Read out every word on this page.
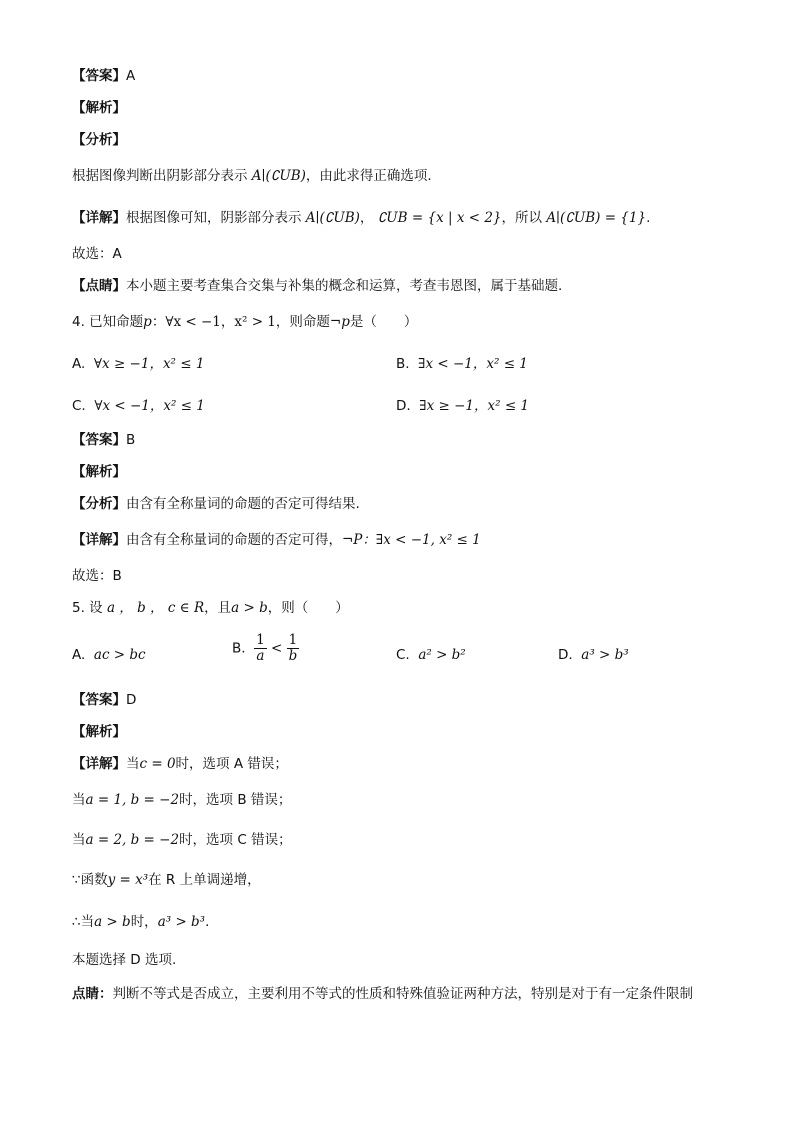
【答案】A
【解析】
【分析】
根据图像判断出阴影部分表示 A∣(∁UB)，由此求得正确选项.
【详解】根据图像可知，阴影部分表示 A∣(∁UB)， ∁UB = {x | x < 2}，所以 A∣(∁UB) = {1}.
故选：A
【点睛】本小题主要考查集合交集与补集的概念和运算，考查韦恩图，属于基础题.
4. 已知命题p：∀x < −1，x² > 1，则命题¬p是（　　）
A. ∀x ≥ −1，x² ≤ 1	B. ∃x < −1，x² ≤ 1
C. ∀x < −1，x² ≤ 1	D. ∃x ≥ −1，x² ≤ 1
【答案】B
【解析】
【分析】由含有全称量词的命题的否定可得结果.
【详解】由含有全称量词的命题的否定可得，¬P：∃x < −1, x² ≤ 1
故选：B
5. 设 a ， b ， c ∈ R，且a > b，则（　　）
A. ac > bc	B. $\frac{1}{a} < \frac{1}{b}$	C. a² > b²	D. a³ > b³
【答案】D
【解析】
【详解】当c = 0时，选项 A 错误；
当a = 1, b = −2时，选项 B 错误；
当a = 2, b = −2时，选项 C 错误；
∵函数y = x³在 R 上单调递增，
∴当a > b时，a³ > b³.
本题选择 D 选项.
点睛：判断不等式是否成立，主要利用不等式的性质和特殊值验证两种方法，特别是对于有一定条件限制
